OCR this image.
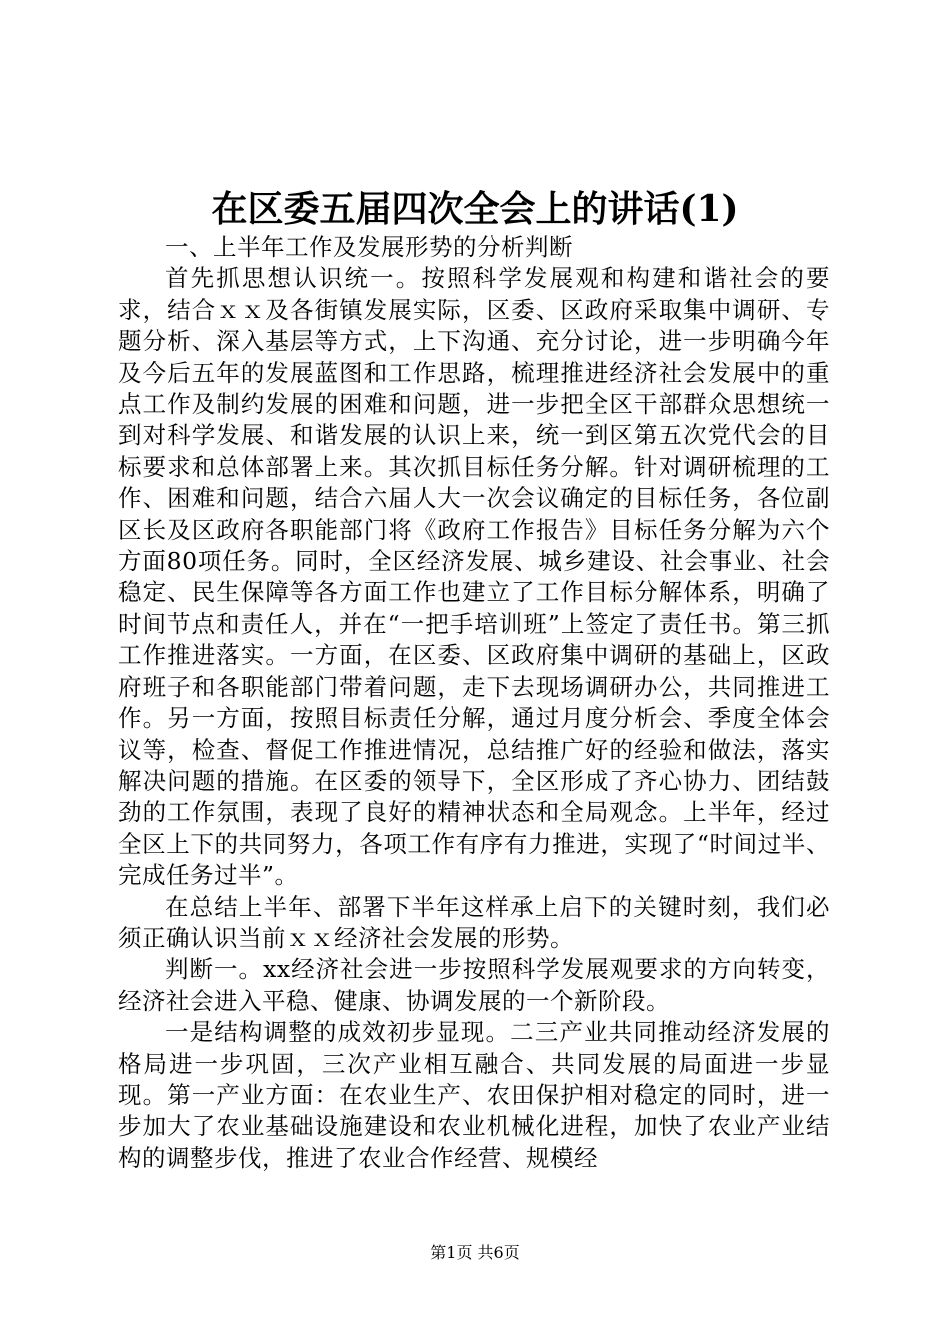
在区委五届四次全会上的讲话(1)

一、上半年工作及发展形势的分析判断

首先抓思想认识统一。按照科学发展观和构建和谐社会的要求，结合ｘｘ及各街镇发展实际，区委、区政府采取集中调研、专题分析、深入基层等方式，上下沟通、充分讨论，进一步明确今年及今后五年的发展蓝图和工作思路，梳理推进经济社会发展中的重点工作及制约发展的困难和问题，进一步把全区干部群众思想统一到对科学发展、和谐发展的认识上来，统一到区第五次党代会的目标要求和总体部署上来。其次抓目标任务分解。针对调研梳理的工作、困难和问题，结合六届人大一次会议确定的目标任务，各位副区长及区政府各职能部门将《政府工作报告》目标任务分解为六个方面80项任务。同时，全区经济发展、城乡建设、社会事业、社会稳定、民生保障等各方面工作也建立了工作目标分解体系，明确了时间节点和责任人，并在“一把手培训班”上签定了责任书。第三抓工作推进落实。一方面，在区委、区政府集中调研的基础上，区政府班子和各职能部门带着问题，走下去现场调研办公，共同推进工作。另一方面，按照目标责任分解，通过月度分析会、季度全体会议等，检查、督促工作推进情况，总结推广好的经验和做法，落实解决问题的措施。在区委的领导下，全区形成了齐心协力、团结鼓劲的工作氛围，表现了良好的精神状态和全局观念。上半年，经过全区上下的共同努力，各项工作有序有力推进，实现了“时间过半、完成任务过半”。

在总结上半年、部署下半年这样承上启下的关键时刻，我们必须正确认识当前ｘｘ经济社会发展的形势。

判断一。xx经济社会进一步按照科学发展观要求的方向转变，经济社会进入平稳、健康、协调发展的一个新阶段。

一是结构调整的成效初步显现。二三产业共同推动经济发展的格局进一步巩固，三次产业相互融合、共同发展的局面进一步显现。第一产业方面：在农业生产、农田保护相对稳定的同时，进一步加大了农业基础设施建设和农业机械化进程，加快了农业产业结构的调整步伐，推进了农业合作经营、规模经

第1页 共6页
